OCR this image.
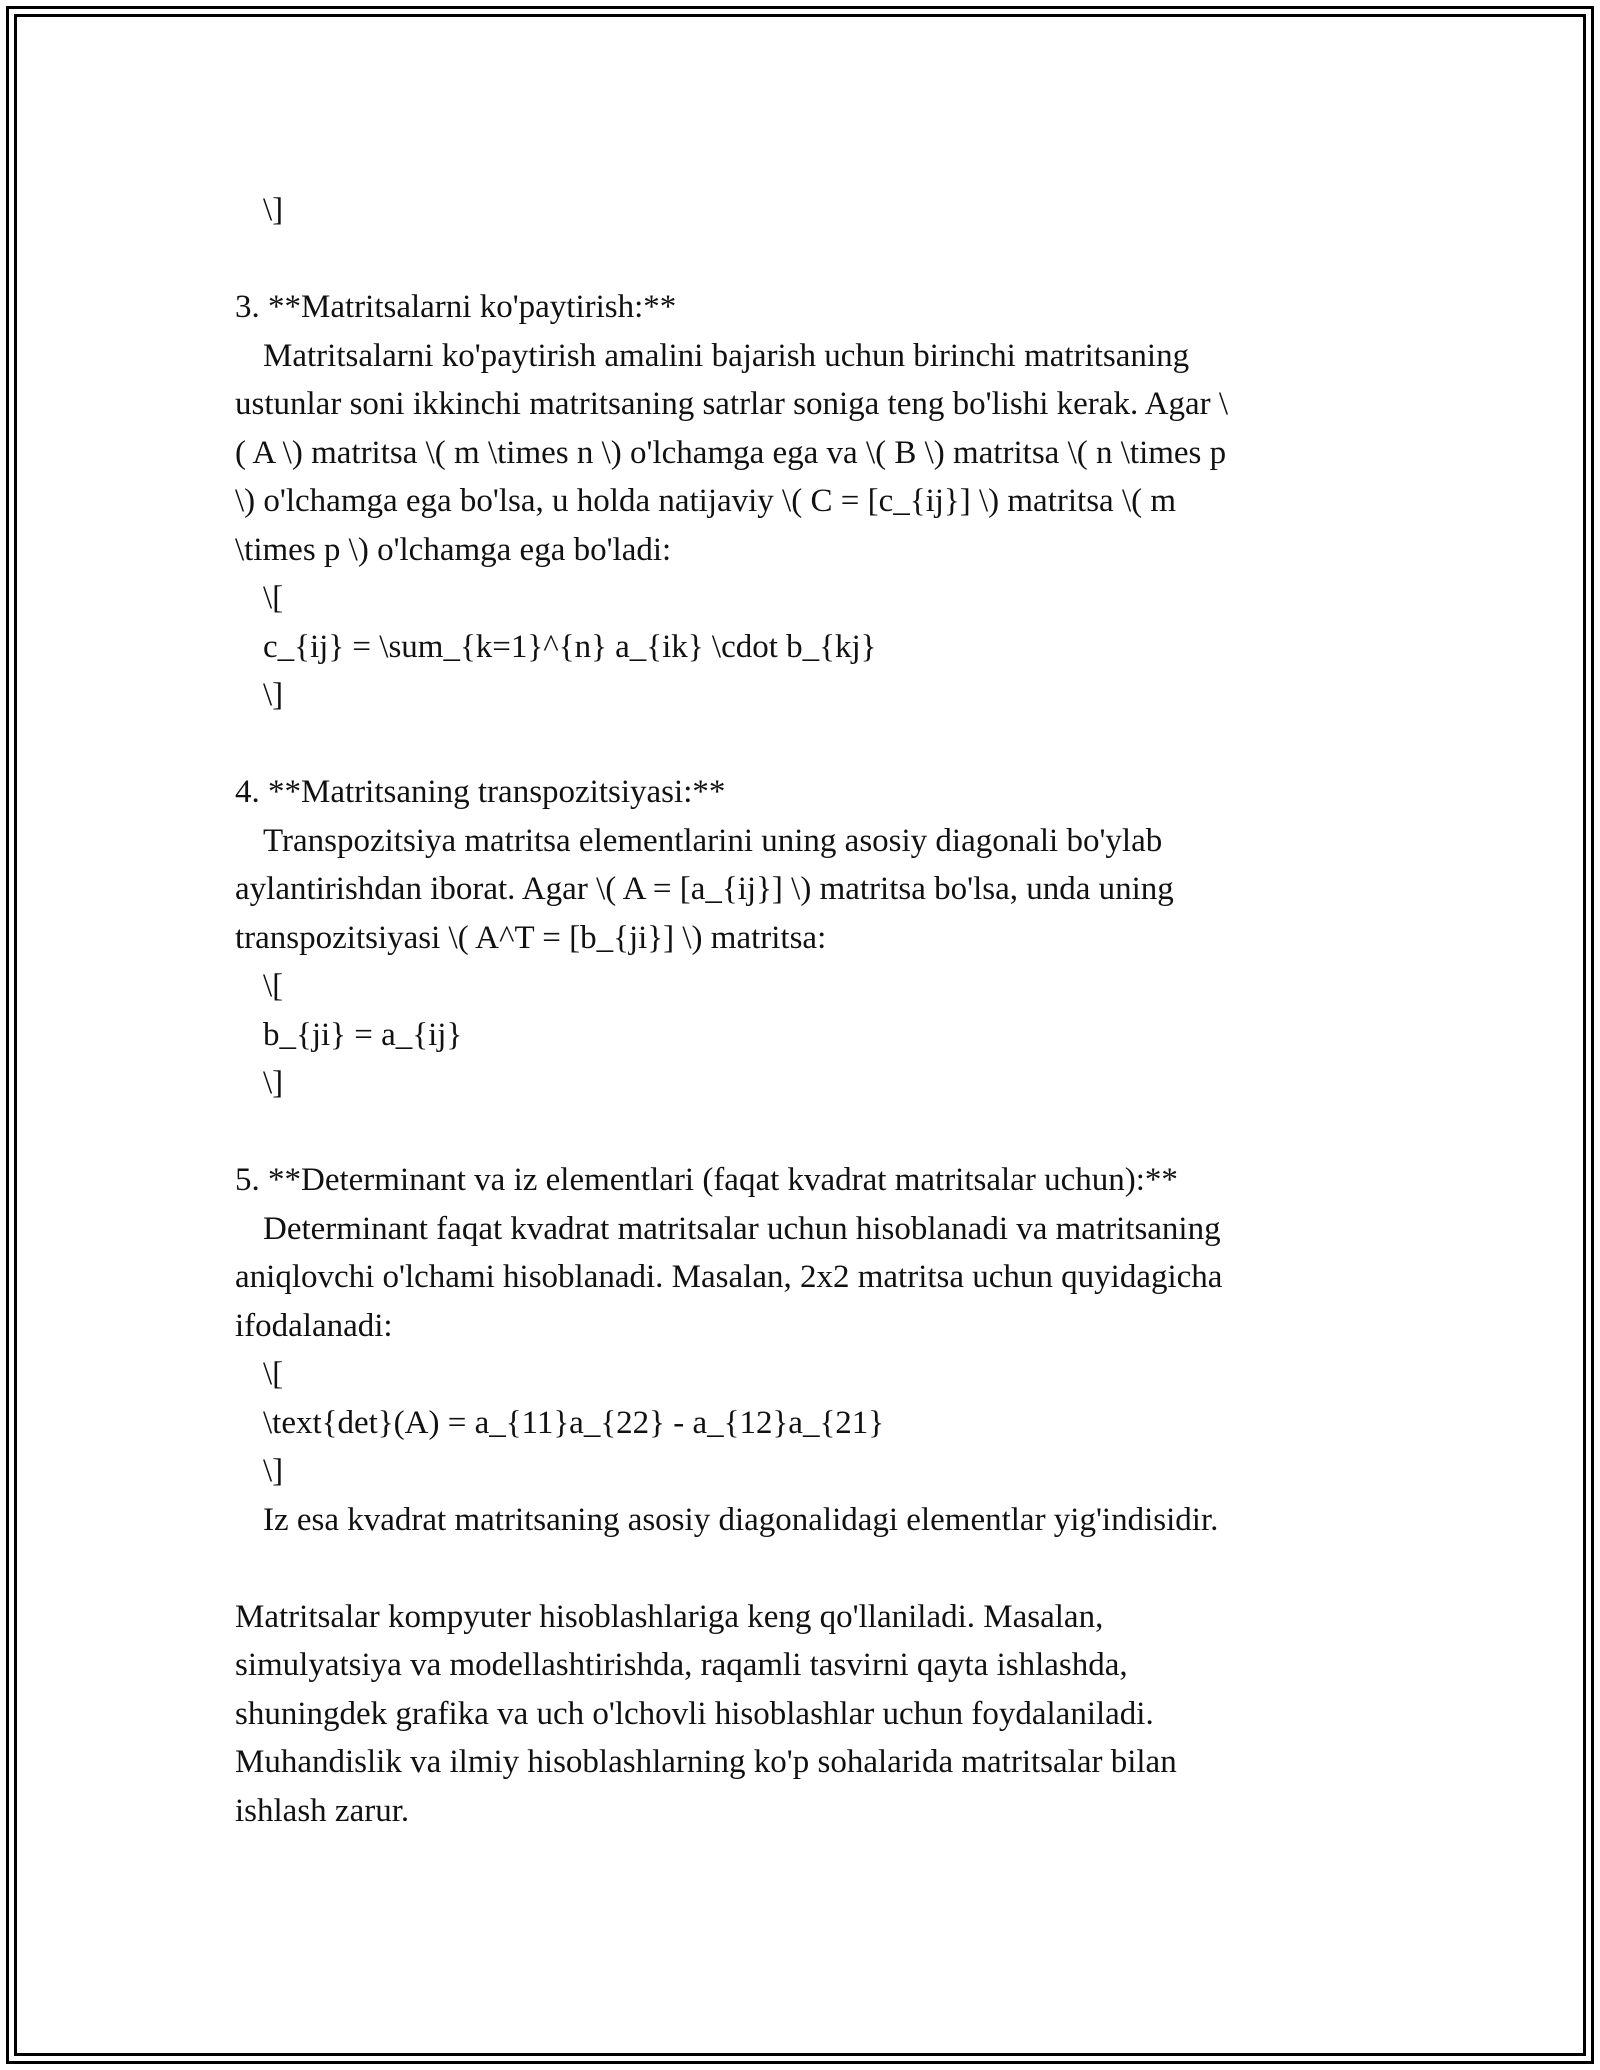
\]
3. **Matritsalarni ko'paytirish:**
Matritsalarni ko'paytirish amalini bajarish uchun birinchi matritsaning
ustunlar soni ikkinchi matritsaning satrlar soniga teng bo'lishi kerak. Agar \
( A \) matritsa \( m \times n \) o'lchamga ega va \( B \) matritsa \( n \times p
\) o'lchamga ega bo'lsa, u holda natijaviy \( C = [c_{ij}] \) matritsa \( m
\times p \) o'lchamga ega bo'ladi:
\[
c_{ij} = \sum_{k=1}^{n} a_{ik} \cdot b_{kj}
\]
4. **Matritsaning transpozitsiyasi:**
Transpozitsiya matritsa elementlarini uning asosiy diagonali bo'ylab
aylantirishdan iborat. Agar \( A = [a_{ij}] \) matritsa bo'lsa, unda uning
transpozitsiyasi \( A^T = [b_{ji}] \) matritsa:
\[
b_{ji} = a_{ij}
\]
5. **Determinant va iz elementlari (faqat kvadrat matritsalar uchun):**
Determinant faqat kvadrat matritsalar uchun hisoblanadi va matritsaning
aniqlovchi o'lchami hisoblanadi. Masalan, 2x2 matritsa uchun quyidagicha
ifodalanadi:
\[
\text{det}(A) = a_{11}a_{22} - a_{12}a_{21}
\]
Iz esa kvadrat matritsaning asosiy diagonalidagi elementlar yig'indisidir.
Matritsalar kompyuter hisoblashlariga keng qo'llaniladi. Masalan,
simulyatsiya va modellashtirishda, raqamli tasvirni qayta ishlashda,
shuningdek grafika va uch o'lchovli hisoblashlar uchun foydalaniladi.
Muhandislik va ilmiy hisoblashlarning ko'p sohalarida matritsalar bilan
ishlash zarur.
